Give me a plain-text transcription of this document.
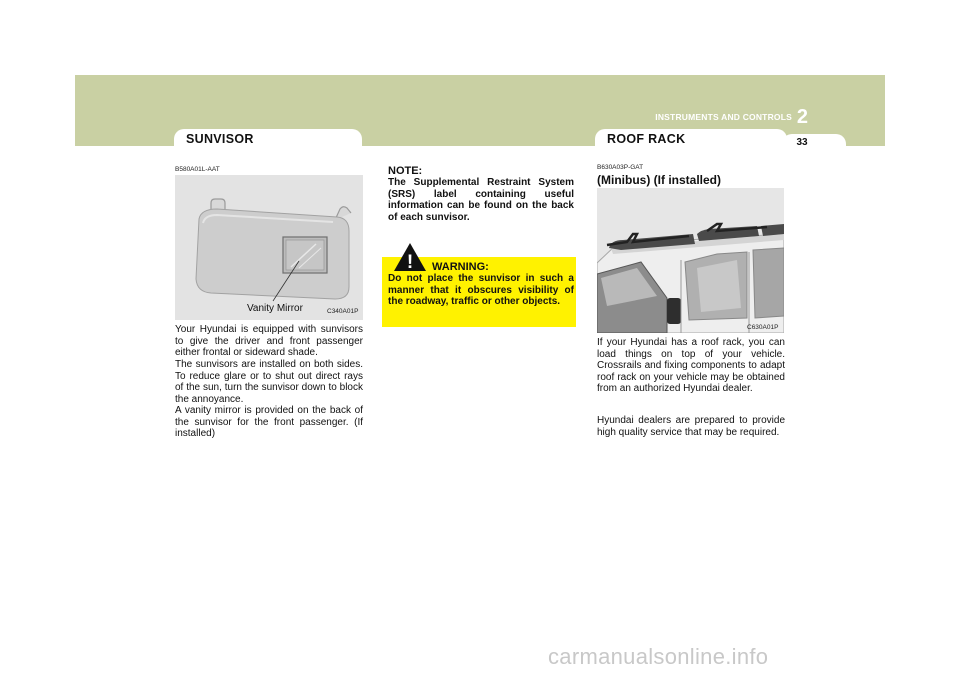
2
INSTRUMENTS AND CONTROLS
33
SUNVISOR
B580A01L-AAT
Vanity Mirror	C340A01P

Your Hyundai is equipped with sunvisors to give the driver and front passenger either frontal or sideward shade.

The sunvisors are installed on both sides. To reduce glare or to shut out direct rays of the sun, turn the sunvisor down to block the annoyance.

A vanity mirror is provided on the back of the sunvisor for the front passenger. (If installed)

NOTE:

The Supplemental Restraint System (SRS) label containing useful information can be found on the back of each sunvisor.

! WARNING:

Do not place the sunvisor in such a manner that it obscures visibility of the roadway, traffic or other objects.

ROOF RACK
B630A03P-GAT
(Minibus) (If installed)
C630A01P

If your Hyundai has a roof rack, you can load things on top of your vehicle. Crossrails and fixing components to adapt roof rack on your vehicle may be obtained from an authorized Hyundai dealer.

Hyundai dealers are prepared to provide high quality service that may be required.

carmanualsonline.info
